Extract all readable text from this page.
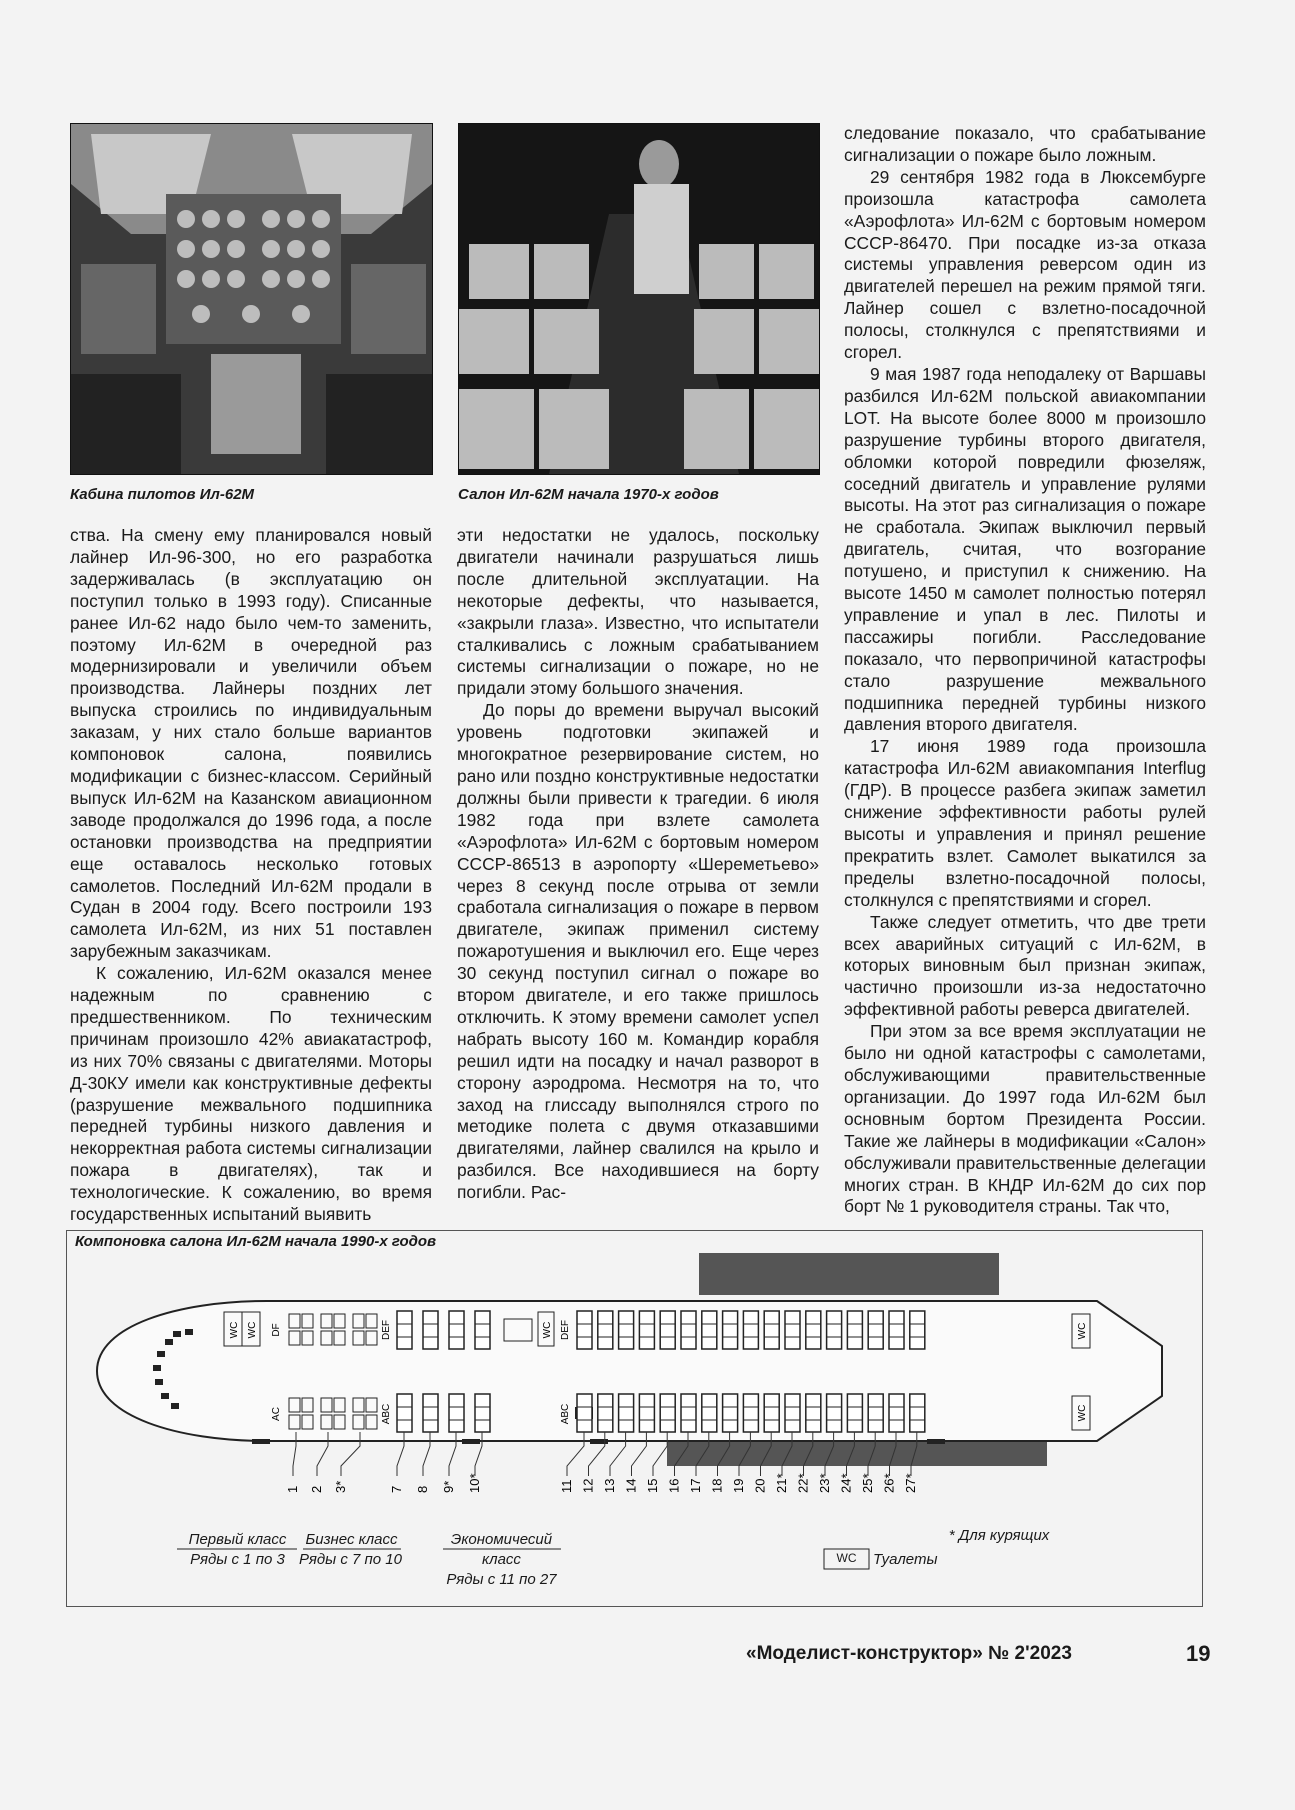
Кабина пилотов Ил-62М	Салон Ил-62М начала 1970-х годов

ства. На смену ему планировался новый лайнер Ил-96-300, но его разработка задерживалась (в эксплуатацию он поступил только в 1993 году). Списанные ранее Ил-62 надо было чем-то заменить, поэтому Ил-62М в очередной раз модернизировали и увеличили объем производства. Лайнеры поздних лет выпуска строились по индивидуальным заказам, у них стало больше вариантов компоновок салона, появились модификации с бизнес-классом. Серийный выпуск Ил-62М на Казанском авиационном заводе продолжался до 1996 года, а после остановки производства на предприятии еще оставалось несколько готовых самолетов. Последний Ил-62М продали в Судан в 2004 году. Всего построили 193 самолета Ил-62М, из них 51 поставлен зарубежным заказчикам.

К сожалению, Ил-62М оказался менее надежным по сравнению с предшественником. По техническим причинам произошло 42% авиакатастроф, из них 70% связаны с двигателями. Моторы Д-30КУ имели как конструктивные дефекты (разрушение межвального подшипника передней турбины низкого давления и некорректная работа системы сигнализации пожара в двигателях), так и технологические. К сожалению, во время государственных испытаний выявить

эти недостатки не удалось, поскольку двигатели начинали разрушаться лишь после длительной эксплуатации. На некоторые дефекты, что называется, «закрыли глаза». Известно, что испытатели сталкивались с ложным срабатыванием системы сигнализации о пожаре, но не придали этому большого значения.

До поры до времени выручал высокий уровень подготовки экипажей и многократное резервирование систем, но рано или поздно конструктивные недостатки должны были привести к трагедии. 6 июля 1982 года при взлете самолета «Аэрофлота» Ил-62М с бортовым номером СССР-86513 в аэропорту «Шереметьево» через 8 секунд после отрыва от земли сработала сигнализация о пожаре в первом двигателе, экипаж применил систему пожаротушения и выключил его. Еще через 30 секунд поступил сигнал о пожаре во втором двигателе, и его также пришлось отключить. К этому времени самолет успел набрать высоту 160 м. Командир корабля решил идти на посадку и начал разворот в сторону аэродрома. Несмотря на то, что заход на глиссаду выполнялся строго по методике полета с двумя отказавшими двигателями, лайнер свалился на крыло и разбился. Все находившиеся на борту погибли. Рас-

следование показало, что срабатывание сигнализации о пожаре было ложным.

29 сентября 1982 года в Люксембурге произошла катастрофа самолета «Аэрофлота» Ил-62М с бортовым номером СССР-86470. При посадке из-за отказа системы управления реверсом один из двигателей перешел на режим прямой тяги. Лайнер сошел с взлетно-посадочной полосы, столкнулся с препятствиями и сгорел.

9 мая 1987 года неподалеку от Варшавы разбился Ил-62М польской авиакомпании LOT. На высоте более 8000 м произошло разрушение турбины второго двигателя, обломки которой повредили фюзеляж, соседний двигатель и управление рулями высоты. На этот раз сигнализация о пожаре не сработала. Экипаж выключил первый двигатель, считая, что возгорание потушено, и приступил к снижению. На высоте 1450 м самолет полностью потерял управление и упал в лес. Пилоты и пассажиры погибли. Расследование показало, что первопричиной катастрофы стало разрушение межвального подшипника передней турбины низкого давления второго двигателя.

17 июня 1989 года произошла катастрофа Ил-62М авиакомпания Interflug (ГДР). В процессе разбега экипаж заметил снижение эффективности работы рулей высоты и управления и принял решение прекратить взлет. Самолет выкатился за пределы взлетно-посадочной полосы, столкнулся с препятствиями и сгорел.

Также следует отметить, что две трети всех аварийных ситуаций с Ил-62М, в которых виновным был признан экипаж, частично произошли из-за недостаточно эффективной работы реверса двигателей.

При этом за все время эксплуатации не было ни одной катастрофы с самолетами, обслуживающими правительственные организации. До 1997 года Ил-62М был основным бортом Президента России. Такие же лайнеры в модификации «Салон» обслуживали правительственные делегации многих стран. В КНДР Ил-62М до сих пор борт № 1 руководителя страны. Так что,

Компоновка салона Ил-62М начала 1990-х годов
WC WC DF
AC
DEF
ABC
WC DEF
ABC
WC
WC
1 2 3*	7 8 9* 10*	11 12 13 14 15 16 17 18 19 20 21* 22* 23* 24* 25* 26* 27*
Первый класс
Ряды с 1 по 3
Бизнес класс
Ряды с 7 по 10
Экономичесий
класс
Ряды с 11 по 27
* Для курящих
WC	Туалеты
«Моделист-конструктор» № 2'2023	19
